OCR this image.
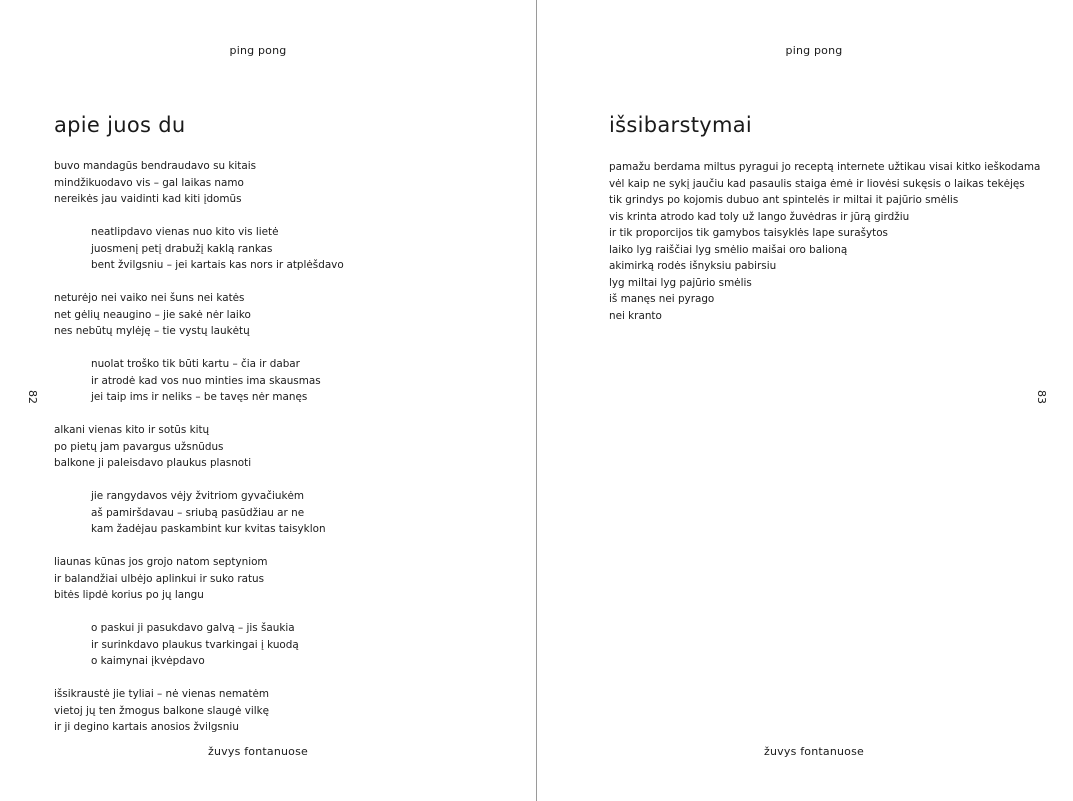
ping pong
82
apie juos du
buvo mandagūs bendraudavo su kitais
mindžikuodavo vis – gal laikas namo
nereikės jau vaidinti kad kiti įdomūs
neatlipdavo vienas nuo kito vis lietė
juosmenį petį drabužį kaklą rankas
bent žvilgsniu – jei kartais kas nors ir atplėšdavo
neturėjo nei vaiko nei šuns nei katės
net gėlių neaugino – jie sakė nėr laiko
nes nebūtų mylėję – tie vystų laukėtų
nuolat troško tik būti kartu – čia ir dabar
ir atrodė kad vos nuo minties ima skausmas
jei taip ims ir neliks – be tavęs nėr manęs
alkani vienas kito ir sotūs kitų
po pietų jam pavargus užsnūdus
balkone ji paleisdavo plaukus plasnoti
jie rangydavos vėjy žvitriom gyvačiukėm
aš pamiršdavau – sriubą pasūdžiau ar ne
kam žadėjau paskambint kur kvitas taisyklon
liaunas kūnas jos grojo natom septyniom
ir balandžiai ulbėjo aplinkui ir suko ratus
bitės lipdė korius po jų langu
o paskui ji pasukdavo galvą – jis šaukia
ir surinkdavo plaukus tvarkingai į kuodą
o kaimynai įkvėpdavo
išsikraustė jie tyliai – nė vienas nematėm
vietoj jų ten žmogus balkone slaugė vilkę
ir ji degino kartais anosios žvilgsniu
žuvys fontanuose
ping pong
83
išsibarstymai
pamažu berdama miltus pyragui jo receptą internete užtikau visai kitko ieškodama
vėl kaip ne sykį jaučiu kad pasaulis staiga ėmė ir liovėsi sukęsis o laikas tekėjęs
tik grindys po kojomis dubuo ant spintelės ir miltai it pajūrio smėlis
vis krinta atrodo kad toly už lango žuvėdras ir jūrą girdžiu
ir tik proporcijos tik gamybos taisyklės lape surašytos
laiko lyg raiščiai lyg smėlio maišai oro balioną
akimirką rodės išnyksiu pabirsiu
lyg miltai lyg pajūrio smėlis
iš manęs nei pyrago
nei kranto
žuvys fontanuose
